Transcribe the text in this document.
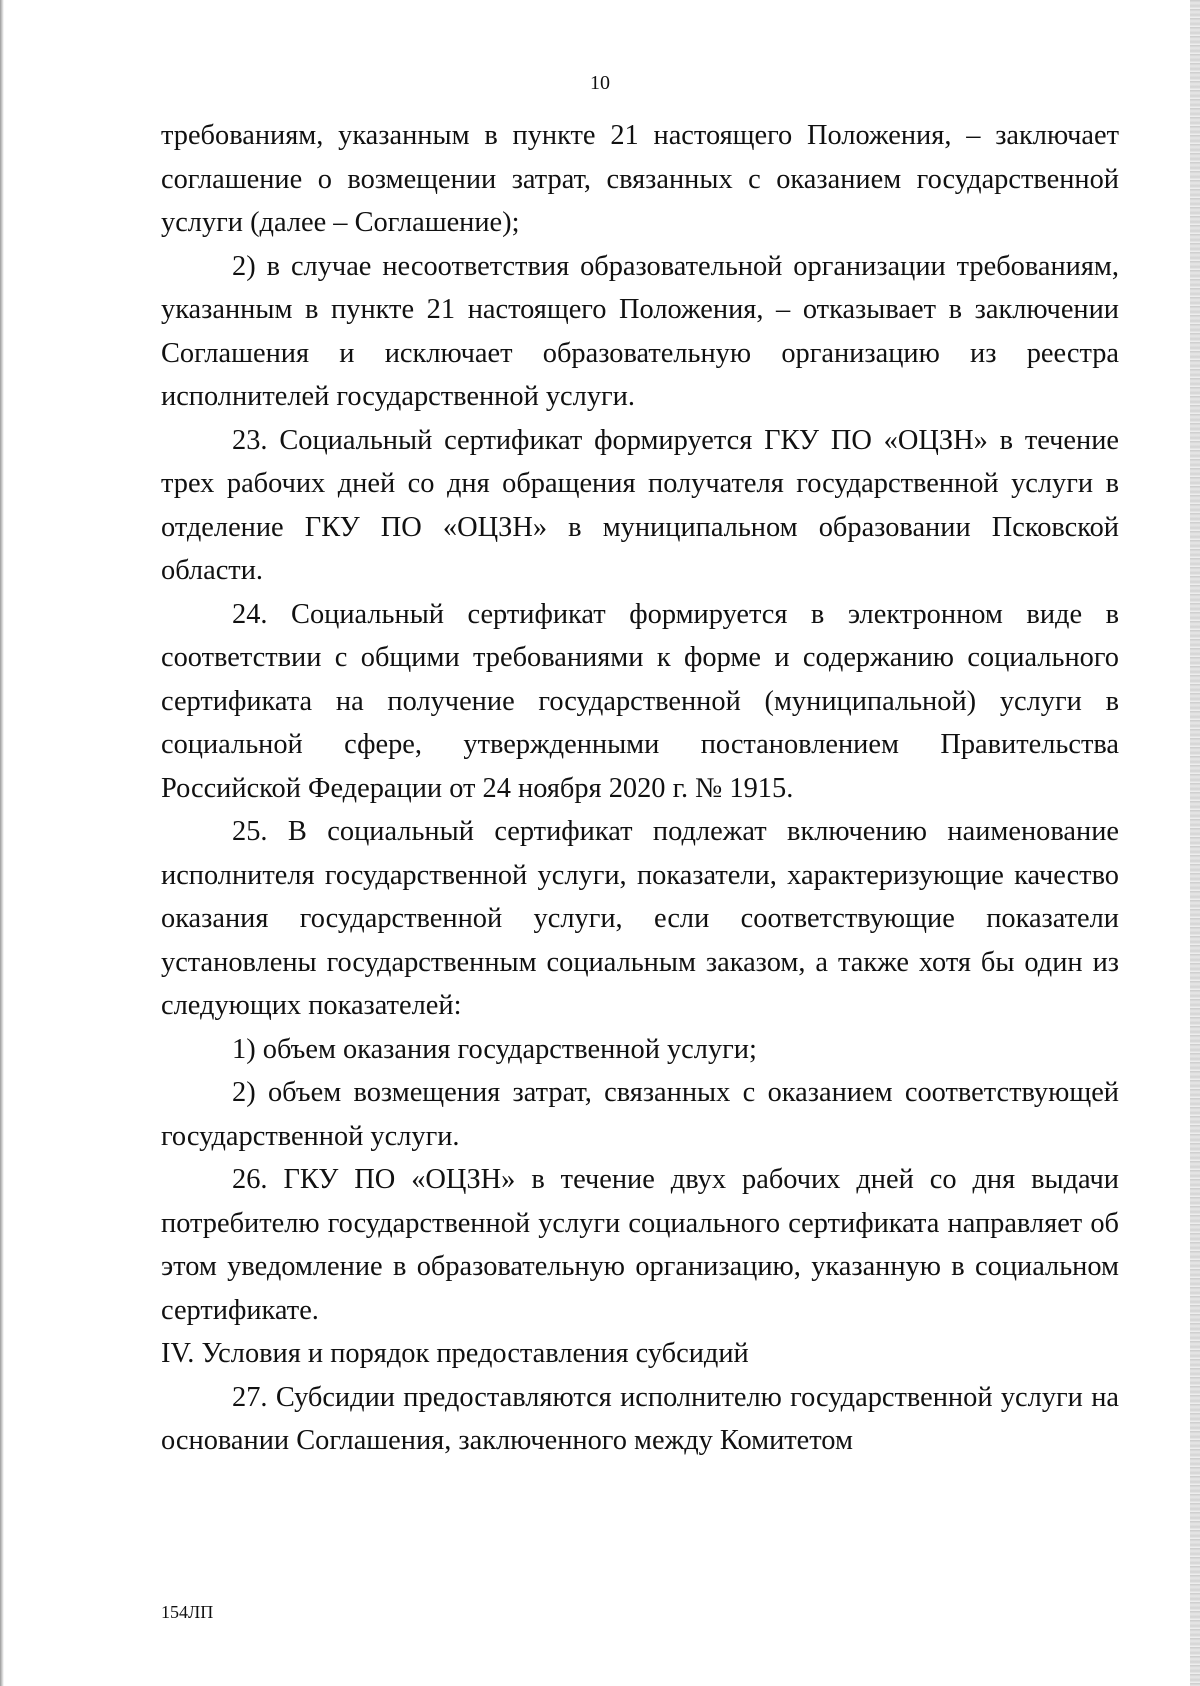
10

требованиям, указанным в пункте 21 настоящего Положения, – заключает соглашение о возмещении затрат, связанных с оказанием государственной услуги (далее – Соглашение);

2) в случае несоответствия образовательной организации требованиям, указанным в пункте 21 настоящего Положения, – отказывает в заключении Соглашения и исключает образовательную организацию из реестра исполнителей государственной услуги.

23. Социальный сертификат формируется ГКУ ПО «ОЦЗН» в течение трех рабочих дней со дня обращения получателя государственной услуги в отделение ГКУ ПО «ОЦЗН» в муниципальном образовании Псковской области.

24. Социальный сертификат формируется в электронном виде в соответствии с общими требованиями к форме и содержанию социального сертификата на получение государственной (муниципальной) услуги в социальной сфере, утвержденными постановлением Правительства Российской Федерации от 24 ноября 2020 г. № 1915.

25. В социальный сертификат подлежат включению наименование исполнителя государственной услуги, показатели, характеризующие качество оказания государственной услуги, если соответствующие показатели установлены государственным социальным заказом, а также хотя бы один из следующих показателей:

1) объем оказания государственной услуги;

2) объем возмещения затрат, связанных с оказанием соответствующей государственной услуги.

26. ГКУ ПО «ОЦЗН» в течение двух рабочих дней со дня выдачи потребителю государственной услуги социального сертификата направляет об этом уведомление в образовательную организацию, указанную в социальном сертификате.

IV. Условия и порядок предоставления субсидий

27. Субсидии предоставляются исполнителю государственной услуги на основании Соглашения, заключенного между Комитетом

154ЛП
